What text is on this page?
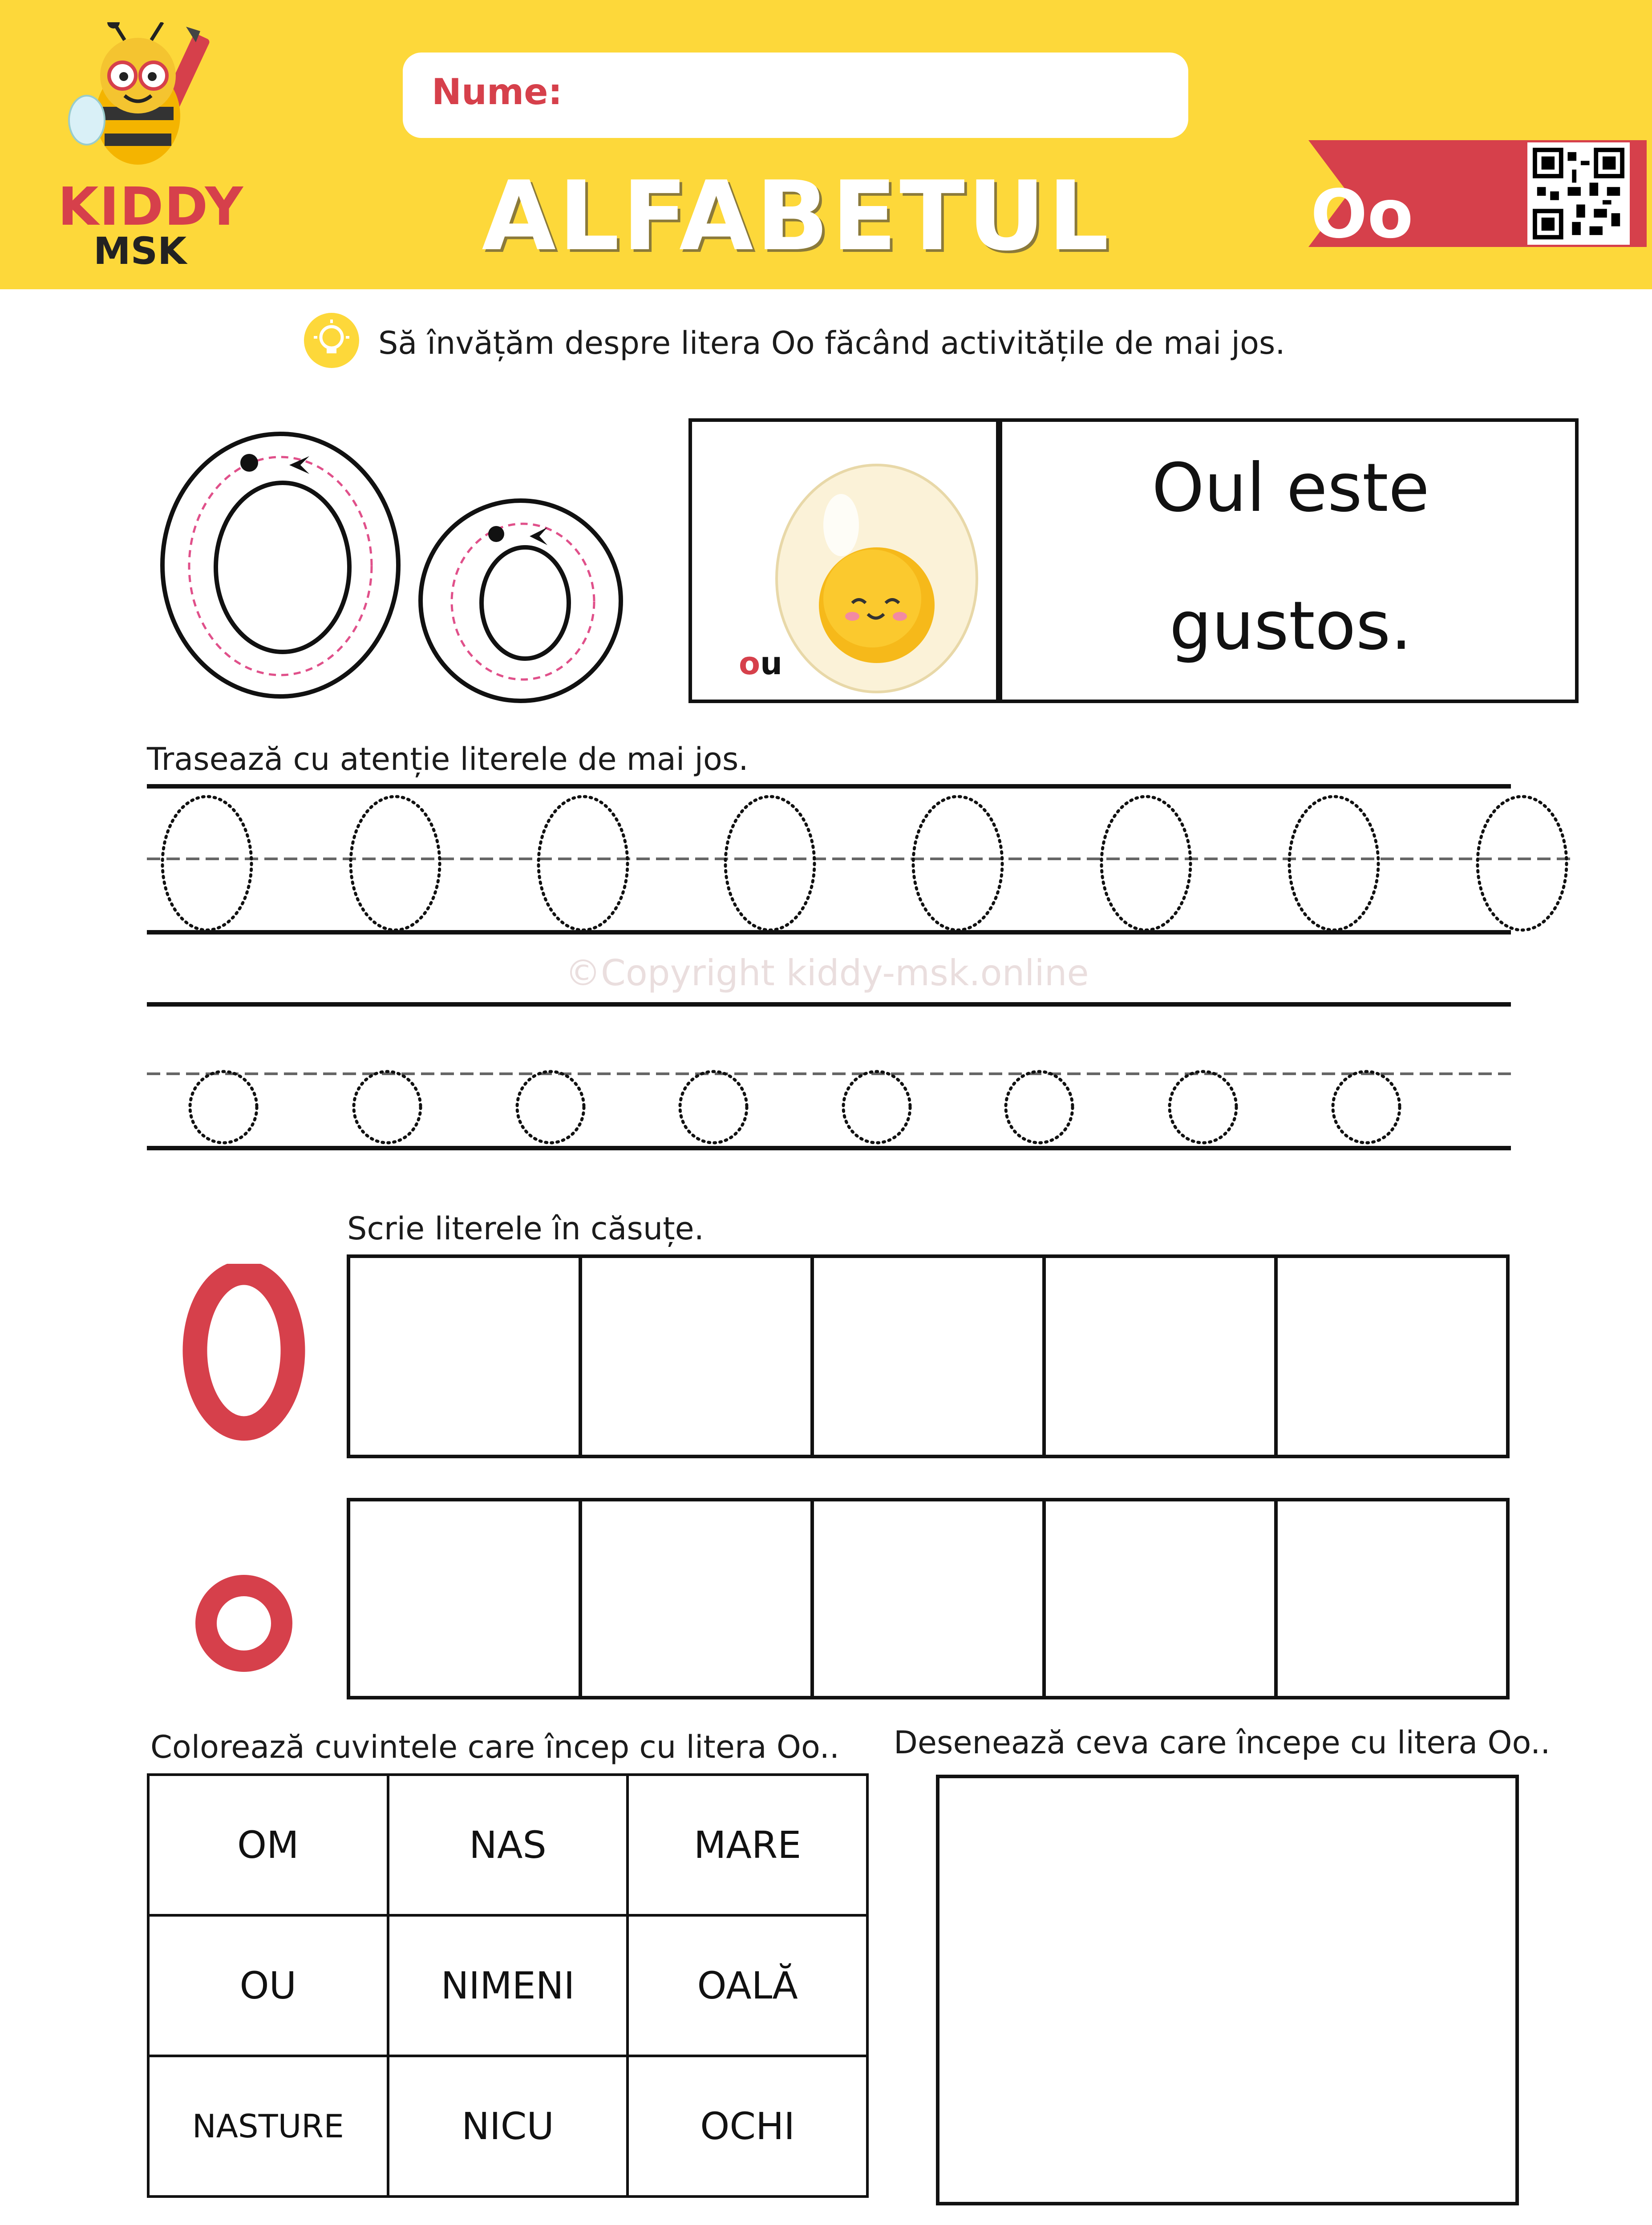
KIDDY
MSK
Nume:
ALFABETUL	Oo
Să învățăm despre litera Oo făcând activitățile de mai jos.
ou
Oul este
gustos.
Trasează cu atenție literele de mai jos.
©Copyright kiddy-msk.online
Scrie literele în căsuțe.
Colorează cuvintele care încep cu litera Oo..
OM	NAS	MARE
OU	NIMENI	OALĂ
NASTURE	NICU	OCHI
Desenează ceva care începe cu litera Oo..
